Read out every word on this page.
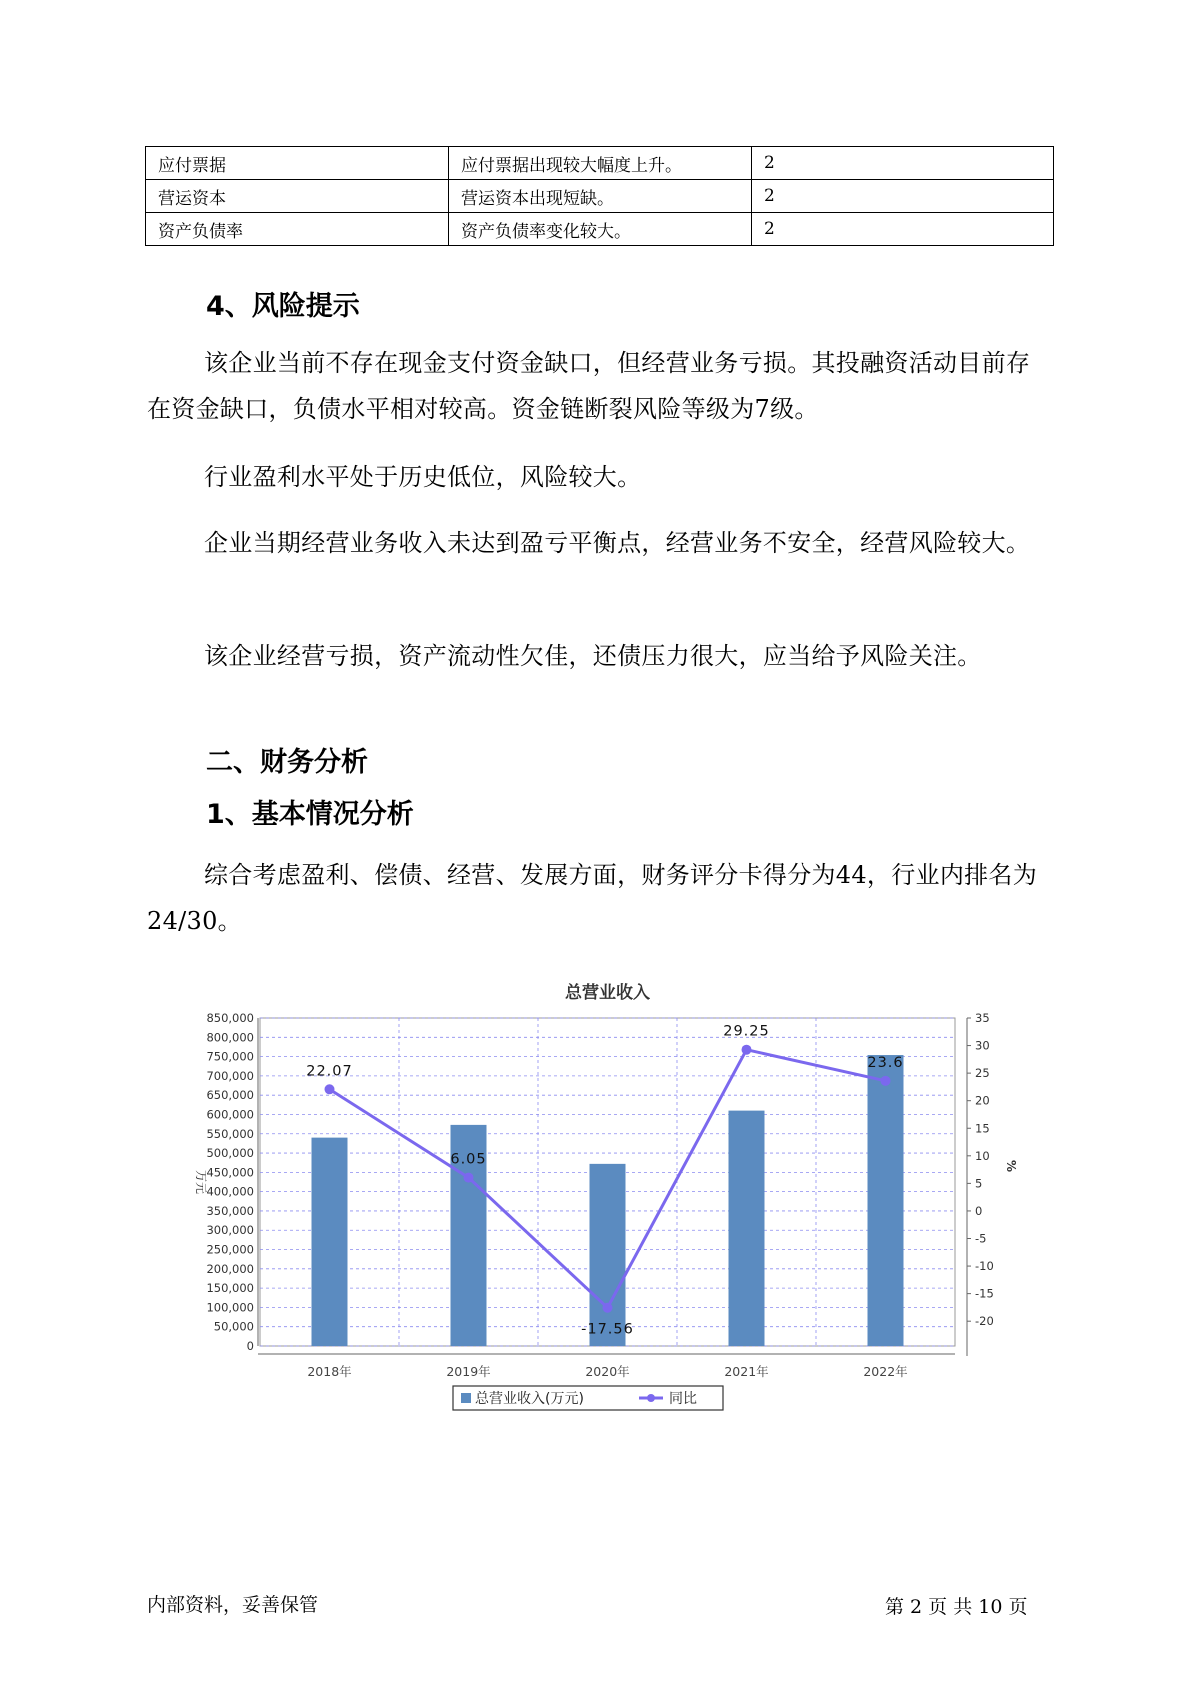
应付票据	应付票据出现较大幅度上升。	2
营运资本	营运资本出现短缺。	2
资产负债率	资产负债率变化较大。	2
4、风险提示

该企业当前不存在现金支付资金缺口，但经营业务亏损。其投融资活动目前存在资金缺口，负债水平相对较高。资金链断裂风险等级为7级。

行业盈利水平处于历史低位，风险较大。

企业当期经营业务收入未达到盈亏平衡点，经营业务不安全，经营风险较大。

该企业经营亏损，资产流动性欠佳，还债压力很大，应当给予风险关注。

二、财务分析
1、基本情况分析

综合考虑盈利、偿债、经营、发展方面，财务评分卡得分为44，行业内排名为24/30。

总营业收入
0
50,000
100,000
150,000
200,000
250,000
300,000
350,000
400,000
450,000
500,000
550,000
600,000
650,000
700,000
750,000
800,000
850,000
-20
-15
-10
-5
0
5
10
15
20
25
30
35
万元
%
2018年	2019年	2020年	2021年	2022年
22.07
6.05
-17.56
29.25
23.6
总营业收入(万元)	同比
内部资料，妥善保管	第 2 页 共 10 页
